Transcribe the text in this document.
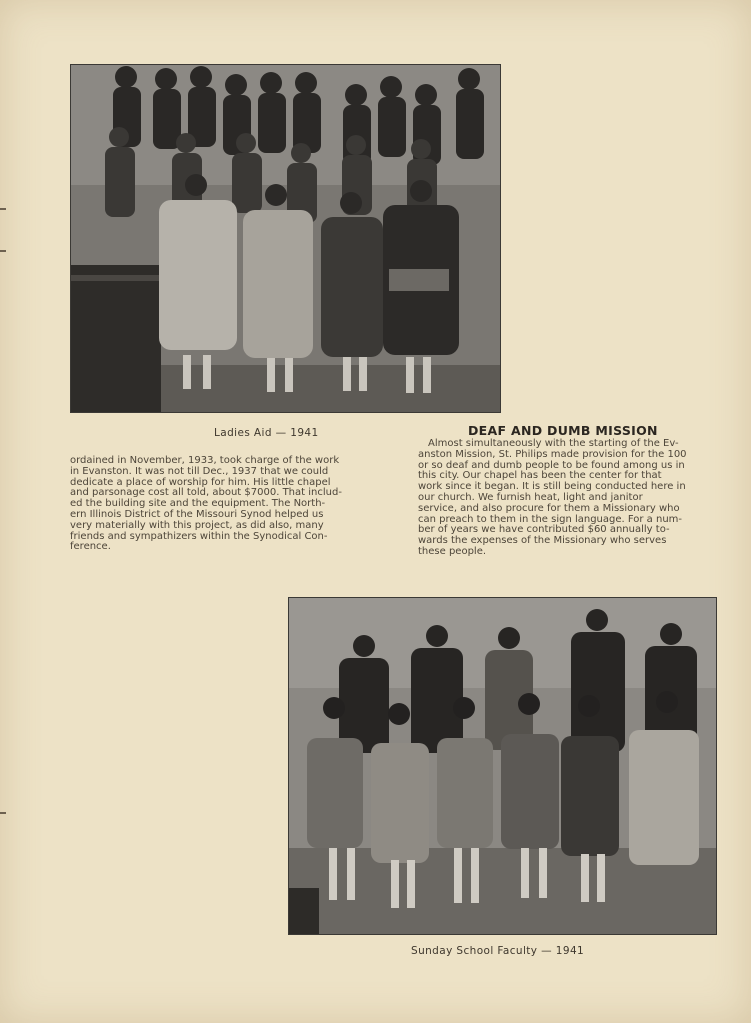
Ladies Aid — 1941	DEAF AND DUMB MISSION
Almost simultaneously with the starting of the Ev-
anston Mission, St. Philips made provision for the 100
or so deaf and dumb people to be found among us in
this city. Our chapel has been the center for that
work since it began. It is still being conducted here in
our church. We furnish heat, light and janitor
service, and also procure for them a Missionary who
can preach to them in the sign language. For a num-
ber of years we have contributed $60 annually to-
wards the expenses of the Missionary who serves
these people.
ordained in November, 1933, took charge of the work
in Evanston. It was not till Dec., 1937 that we could
dedicate a place of worship for him. His little chapel
and parsonage cost all told, about $7000. That includ-
ed the building site and the equipment. The North-
ern Illinois District of the Missouri Synod helped us
very materially with this project, as did also, many
friends and sympathizers within the Synodical Con-
ference.
Sunday School Faculty — 1941
